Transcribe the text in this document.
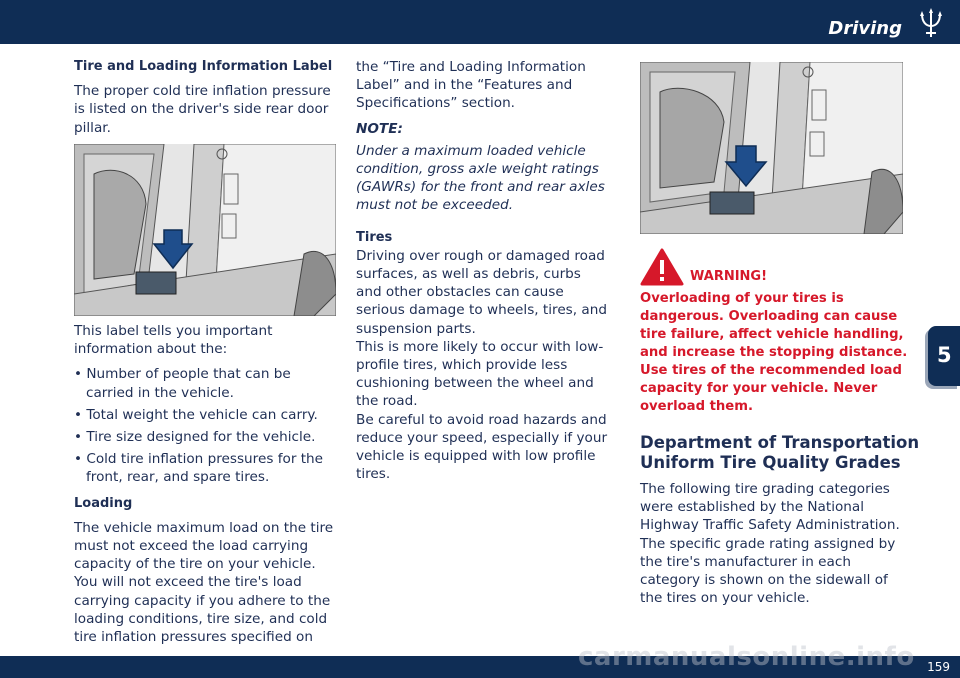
Driving
5

Tire and Loading Information Label

The proper cold tire inflation pressure is listed on the driver's side rear door pillar.

This label tells you important information about the:

• Number of people that can be carried in the vehicle.

• Total weight the vehicle can carry.

• Tire size designed for the vehicle.

• Cold tire inflation pressures for the front, rear, and spare tires.

Loading

The vehicle maximum load on the tire must not exceed the load carrying capacity of the tire on your vehicle. You will not exceed the tire's load carrying capacity if you adhere to the loading conditions, tire size, and cold tire inflation pressures specified on

the “Tire and Loading Information Label” and in the “Features and Specifications” section.

NOTE:

Under a maximum loaded vehicle condition, gross axle weight ratings (GAWRs) for the front and rear axles must not be exceeded.

Tires

Driving over rough or damaged road surfaces, as well as debris, curbs and other obstacles can cause serious damage to wheels, tires, and suspension parts.

This is more likely to occur with low-profile tires, which provide less cushioning between the wheel and the road.

Be careful to avoid road hazards and reduce your speed, especially if your vehicle is equipped with low profile tires.

WARNING!
Overloading of your tires is dangerous. Overloading can cause tire failure, affect vehicle handling, and increase the stopping distance. Use tires of the recommended load capacity for your vehicle. Never overload them.
Department of Transportation Uniform Tire Quality Grades
The following tire grading categories were established by the National Highway Traffic Safety Administration. The specific grade rating assigned by the tire's manufacturer in each category is shown on the sidewall of the tires on your vehicle.
159
carmanualsonline.info
